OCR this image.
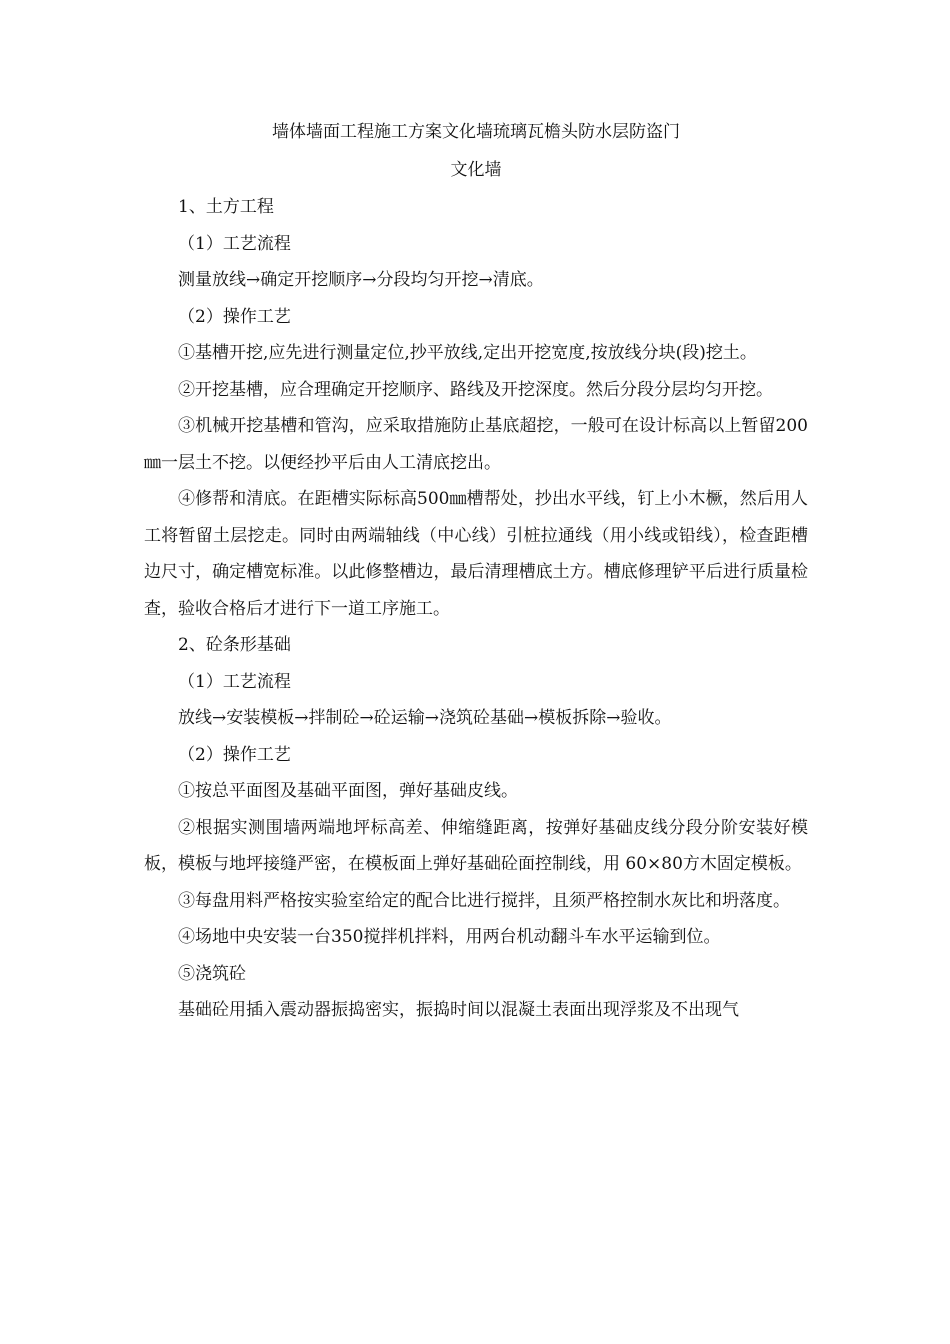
墙体墙面工程施工方案文化墙琉璃瓦檐头防水层防盗门
文化墙

1、土方工程

（1）工艺流程

测量放线→确定开挖顺序→分段均匀开挖→清底。

（2）操作工艺

①基槽开挖,应先进行测量定位,抄平放线,定出开挖宽度,按放线分块(段)挖土。

②开挖基槽，应合理确定开挖顺序、路线及开挖深度。然后分段分层均匀开挖。

③机械开挖基槽和管沟，应采取措施防止基底超挖，一般可在设计标高以上暂留200㎜一层土不挖。以便经抄平后由人工清底挖出。

④修帮和清底。在距槽实际标高500㎜槽帮处，抄出水平线，钉上小木橛，然后用人工将暂留土层挖走。同时由两端轴线（中心线）引桩拉通线（用小线或铅线），检查距槽边尺寸，确定槽宽标准。以此修整槽边，最后清理槽底土方。槽底修理铲平后进行质量检查，验收合格后才进行下一道工序施工。

2、砼条形基础

（1）工艺流程

放线→安装模板→拌制砼→砼运输→浇筑砼基础→模板拆除→验收。

（2）操作工艺

①按总平面图及基础平面图，弹好基础皮线。

②根据实测围墙两端地坪标高差、伸缩缝距离，按弹好基础皮线分段分阶安装好模板，模板与地坪接缝严密，在模板面上弹好基础砼面控制线，用 60×80方木固定模板。

③每盘用料严格按实验室给定的配合比进行搅拌，且须严格控制水灰比和坍落度。

④场地中央安装一台350搅拌机拌料，用两台机动翻斗车水平运输到位。

⑤浇筑砼

基础砼用插入震动器振捣密实，振捣时间以混凝土表面出现浮浆及不出现气
